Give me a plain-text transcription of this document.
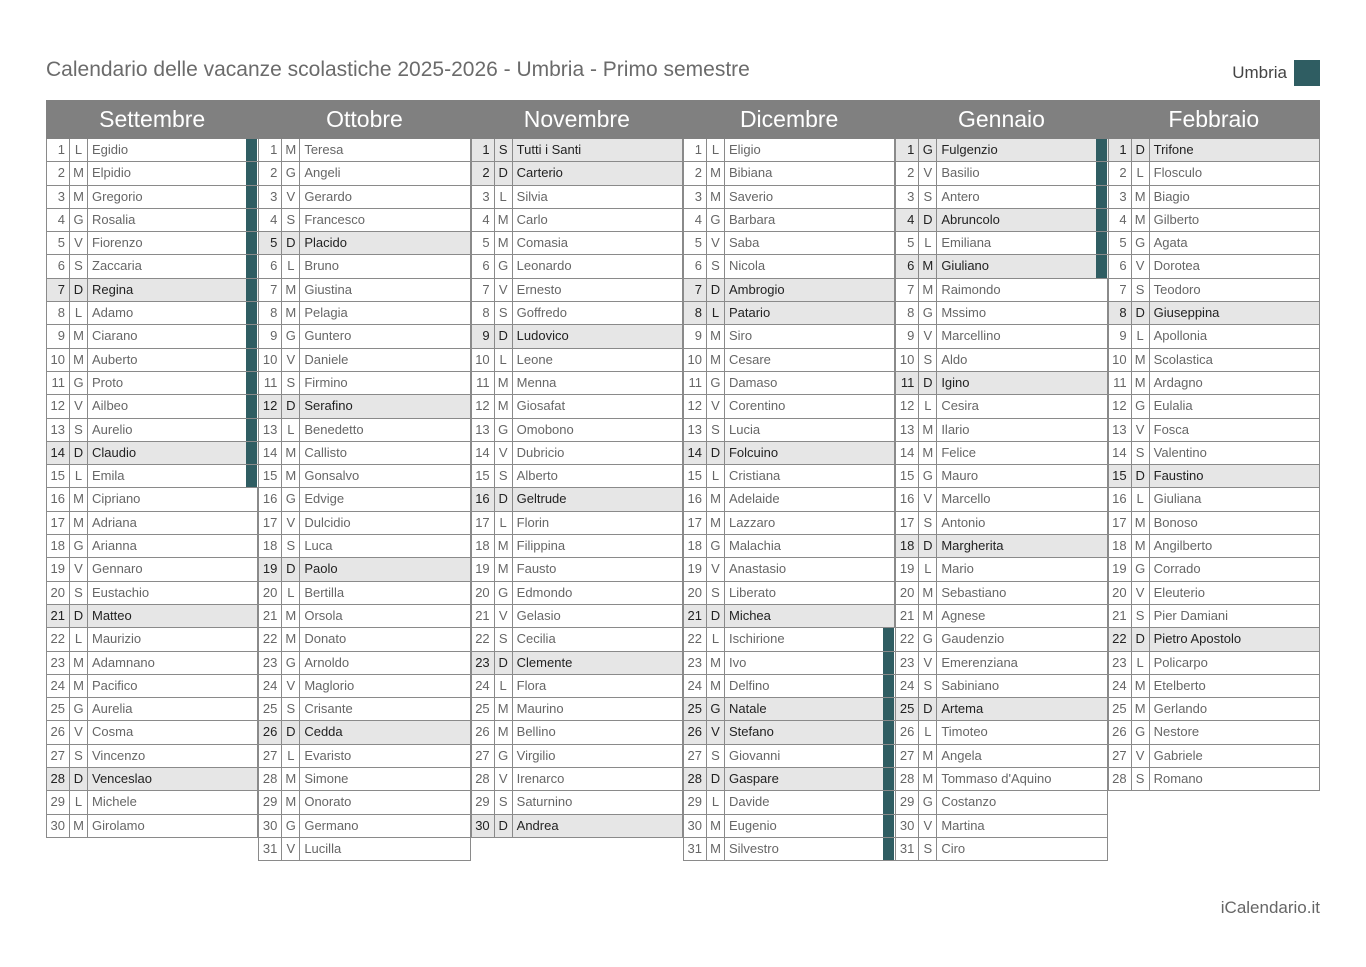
Calendario delle vacanze scolastiche 2025-2026 - Umbria - Primo semestre	Umbria
Settembre
1 L Egidio
2 M Elpidio
3 M Gregorio
4 G Rosalia
5 V Fiorenzo
6 S Zaccaria
7 D Regina
8 L Adamo
9 M Ciarano
10 M Auberto
11 G Proto
12 V Ailbeo
13 S Aurelio
14 D Claudio
15 L Emila
16 M Cipriano
17 M Adriana
18 G Arianna
19 V Gennaro
20 S Eustachio
21 D Matteo
22 L Maurizio
23 M Adamnano
24 M Pacifico
25 G Aurelia
26 V Cosma
27 S Vincenzo
28 D Venceslao
29 L Michele
30 M Girolamo
Ottobre
1 M Teresa
2 G Angeli
3 V Gerardo
4 S Francesco
5 D Placido
6 L Bruno
7 M Giustina
8 M Pelagia
9 G Guntero
10 V Daniele
11 S Firmino
12 D Serafino
13 L Benedetto
14 M Callisto
15 M Gonsalvo
16 G Edvige
17 V Dulcidio
18 S Luca
19 D Paolo
20 L Bertilla
21 M Orsola
22 M Donato
23 G Arnoldo
24 V Maglorio
25 S Crisante
26 D Cedda
27 L Evaristo
28 M Simone
29 M Onorato
30 G Germano
31 V Lucilla
Novembre
1 S Tutti i Santi
2 D Carterio
3 L Silvia
4 M Carlo
5 M Comasia
6 G Leonardo
7 V Ernesto
8 S Goffredo
9 D Ludovico
10 L Leone
11 M Menna
12 M Giosafat
13 G Omobono
14 V Dubricio
15 S Alberto
16 D Geltrude
17 L Florin
18 M Filippina
19 M Fausto
20 G Edmondo
21 V Gelasio
22 S Cecilia
23 D Clemente
24 L Flora
25 M Maurino
26 M Bellino
27 G Virgilio
28 V Irenarco
29 S Saturnino
30 D Andrea
Dicembre
1 L Eligio
2 M Bibiana
3 M Saverio
4 G Barbara
5 V Saba
6 S Nicola
7 D Ambrogio
8 L Patario
9 M Siro
10 M Cesare
11 G Damaso
12 V Corentino
13 S Lucia
14 D Folcuino
15 L Cristiana
16 M Adelaide
17 M Lazzaro
18 G Malachia
19 V Anastasio
20 S Liberato
21 D Michea
22 L Ischirione
23 M Ivo
24 M Delfino
25 G Natale
26 V Stefano
27 S Giovanni
28 D Gaspare
29 L Davide
30 M Eugenio
31 M Silvestro
Gennaio
1 G Fulgenzio
2 V Basilio
3 S Antero
4 D Abruncolo
5 L Emiliana
6 M Giuliano
7 M Raimondo
8 G Mssimo
9 V Marcellino
10 S Aldo
11 D Igino
12 L Cesira
13 M Ilario
14 M Felice
15 G Mauro
16 V Marcello
17 S Antonio
18 D Margherita
19 L Mario
20 M Sebastiano
21 M Agnese
22 G Gaudenzio
23 V Emerenziana
24 S Sabiniano
25 D Artema
26 L Timoteo
27 M Angela
28 M Tommaso d'Aquino
29 G Costanzo
30 V Martina
31 S Ciro
Febbraio
1 D Trifone
2 L Flosculo
3 M Biagio
4 M Gilberto
5 G Agata
6 V Dorotea
7 S Teodoro
8 D Giuseppina
9 L Apollonia
10 M Scolastica
11 M Ardagno
12 G Eulalia
13 V Fosca
14 S Valentino
15 D Faustino
16 L Giuliana
17 M Bonoso
18 M Angilberto
19 G Corrado
20 V Eleuterio
21 S Pier Damiani
22 D Pietro Apostolo
23 L Policarpo
24 M Etelberto
25 M Gerlando
26 G Nestore
27 V Gabriele
28 S Romano
iCalendario.it
